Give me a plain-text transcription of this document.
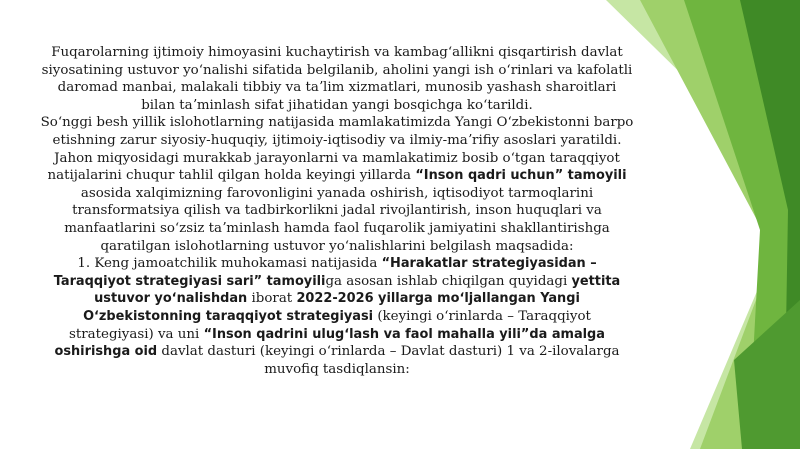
Fuqarolarning ijtimoiy himoyasini kuchaytirish va kambagʻallikni qisqartirish davlat siyosatining ustuvor yoʻnalishi sifatida belgilanib, aholini yangi ish oʻrinlari va kafolatli daromad manbai, malakali tibbiy va taʼlim xizmatlari, munosib yashash sharoitlari bilan taʼminlash sifat jihatidan yangi bosqichga koʻtarildi.

Soʻnggi besh yillik islohotlarning natijasida mamlakatimizda Yangi Oʻzbekistonni barpo etishning zarur siyosiy-huquqiy, ijtimoiy-iqtisodiy va ilmiy-maʼrifiy asoslari yaratildi.

Jahon miqyosidagi murakkab jarayonlarni va mamlakatimiz bosib oʻtgan taraqqiyot natijalarini chuqur tahlil qilgan holda keyingi yillarda “Inson qadri uchun” tamoyili asosida xalqimizning farovonligini yanada oshirish, iqtisodiyot tarmoqlarini transformatsiya qilish va tadbirkorlikni jadal rivojlantirish, inson huquqlari va manfaatlarini soʻzsiz taʼminlash hamda faol fuqarolik jamiyatini shakllantirishga qaratilgan islohotlarning ustuvor yoʻnalishlarini belgilash maqsadida:

1. Keng jamoatchilik muhokamasi natijasida “Harakatlar strategiyasidan – Taraqqiyot strategiyasi sari” tamoyiliga asosan ishlab chiqilgan quyidagi yettita ustuvor yoʻnalishdan iborat 2022-2026 yillarga moʻljallangan Yangi Oʻzbekistonning taraqqiyot strategiyasi (keyingi oʻrinlarda – Taraqqiyot strategiyasi) va uni “Inson qadrini ulugʻlash va faol mahalla yili”da amalga oshirishga oid davlat dasturi (keyingi oʻrinlarda – Davlat dasturi) 1 va 2-ilovalarga muvofiq tasdiqlansin:
